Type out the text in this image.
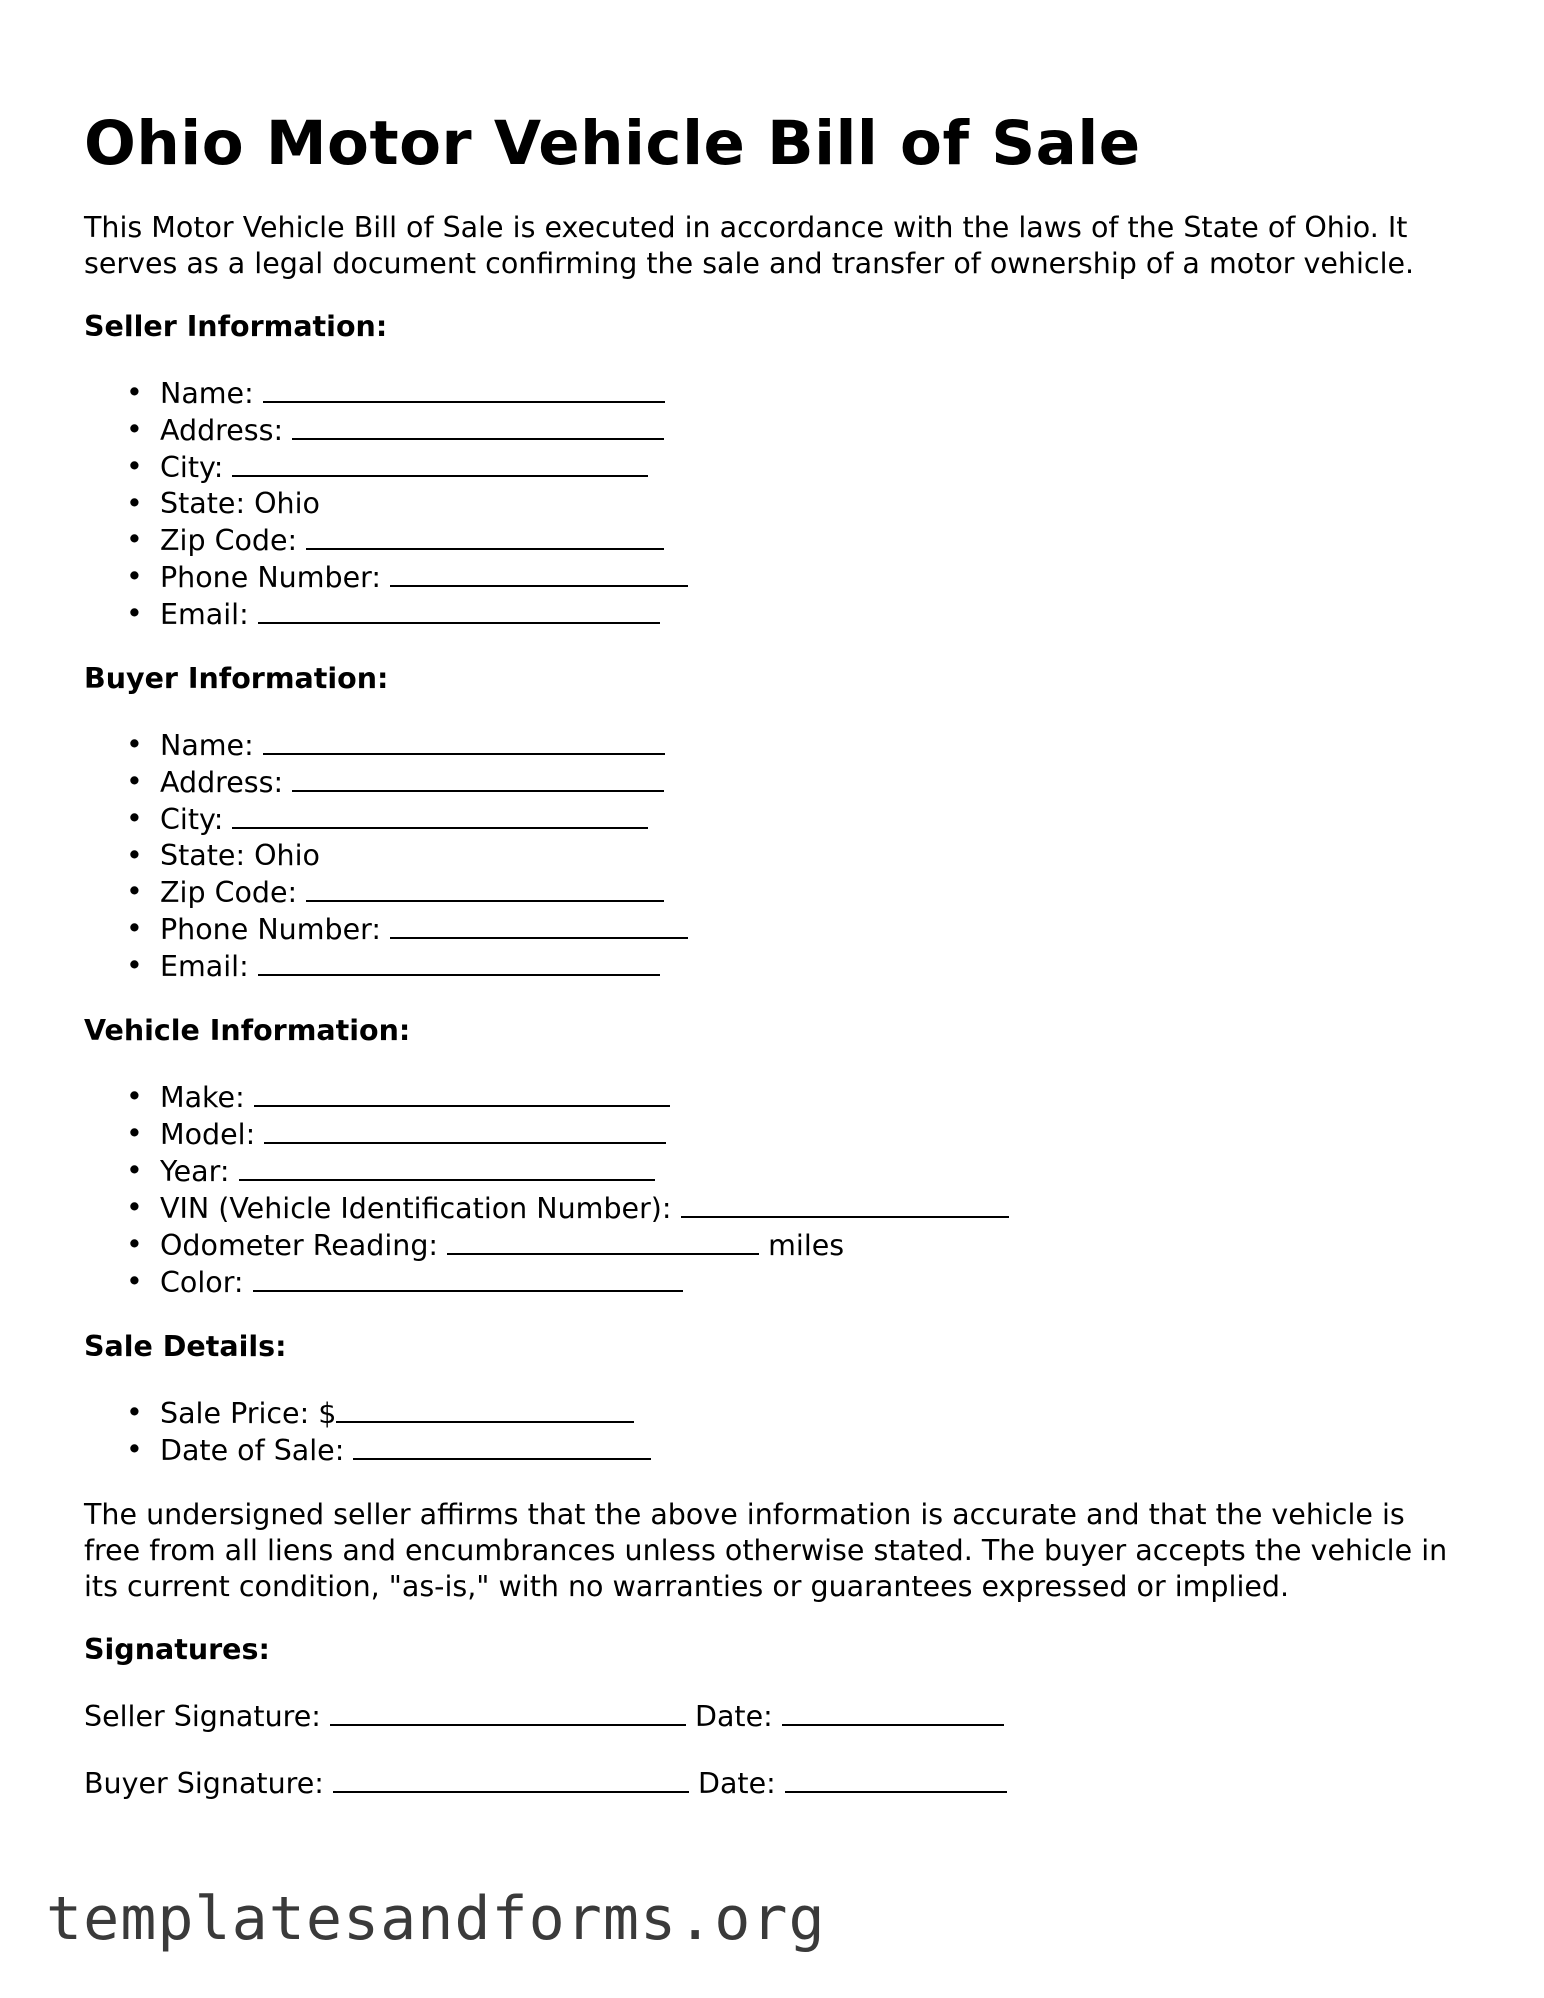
Ohio Motor Vehicle Bill of Sale

This Motor Vehicle Bill of Sale is executed in accordance with the laws of the State of Ohio. It serves as a legal document confirming the sale and transfer of ownership of a motor vehicle.

Seller Information:
• Name:
• Address:
• City:
• State: Ohio
• Zip Code:
• Phone Number:
• Email:
Buyer Information:
• Name:
• Address:
• City:
• State: Ohio
• Zip Code:
• Phone Number:
• Email:
Vehicle Information:
• Make:
• Model:
• Year:
• VIN (Vehicle Identification Number):
• Odometer Reading:	miles
• Color:
Sale Details:
• Sale Price: $
• Date of Sale:

The undersigned seller affirms that the above information is accurate and that the vehicle is free from all liens and encumbrances unless otherwise stated. The buyer accepts the vehicle in its current condition, "as-is," with no warranties or guarantees expressed or implied.

Signatures:
Seller Signature:	Date:
Buyer Signature:	Date:
templatesandforms.org
